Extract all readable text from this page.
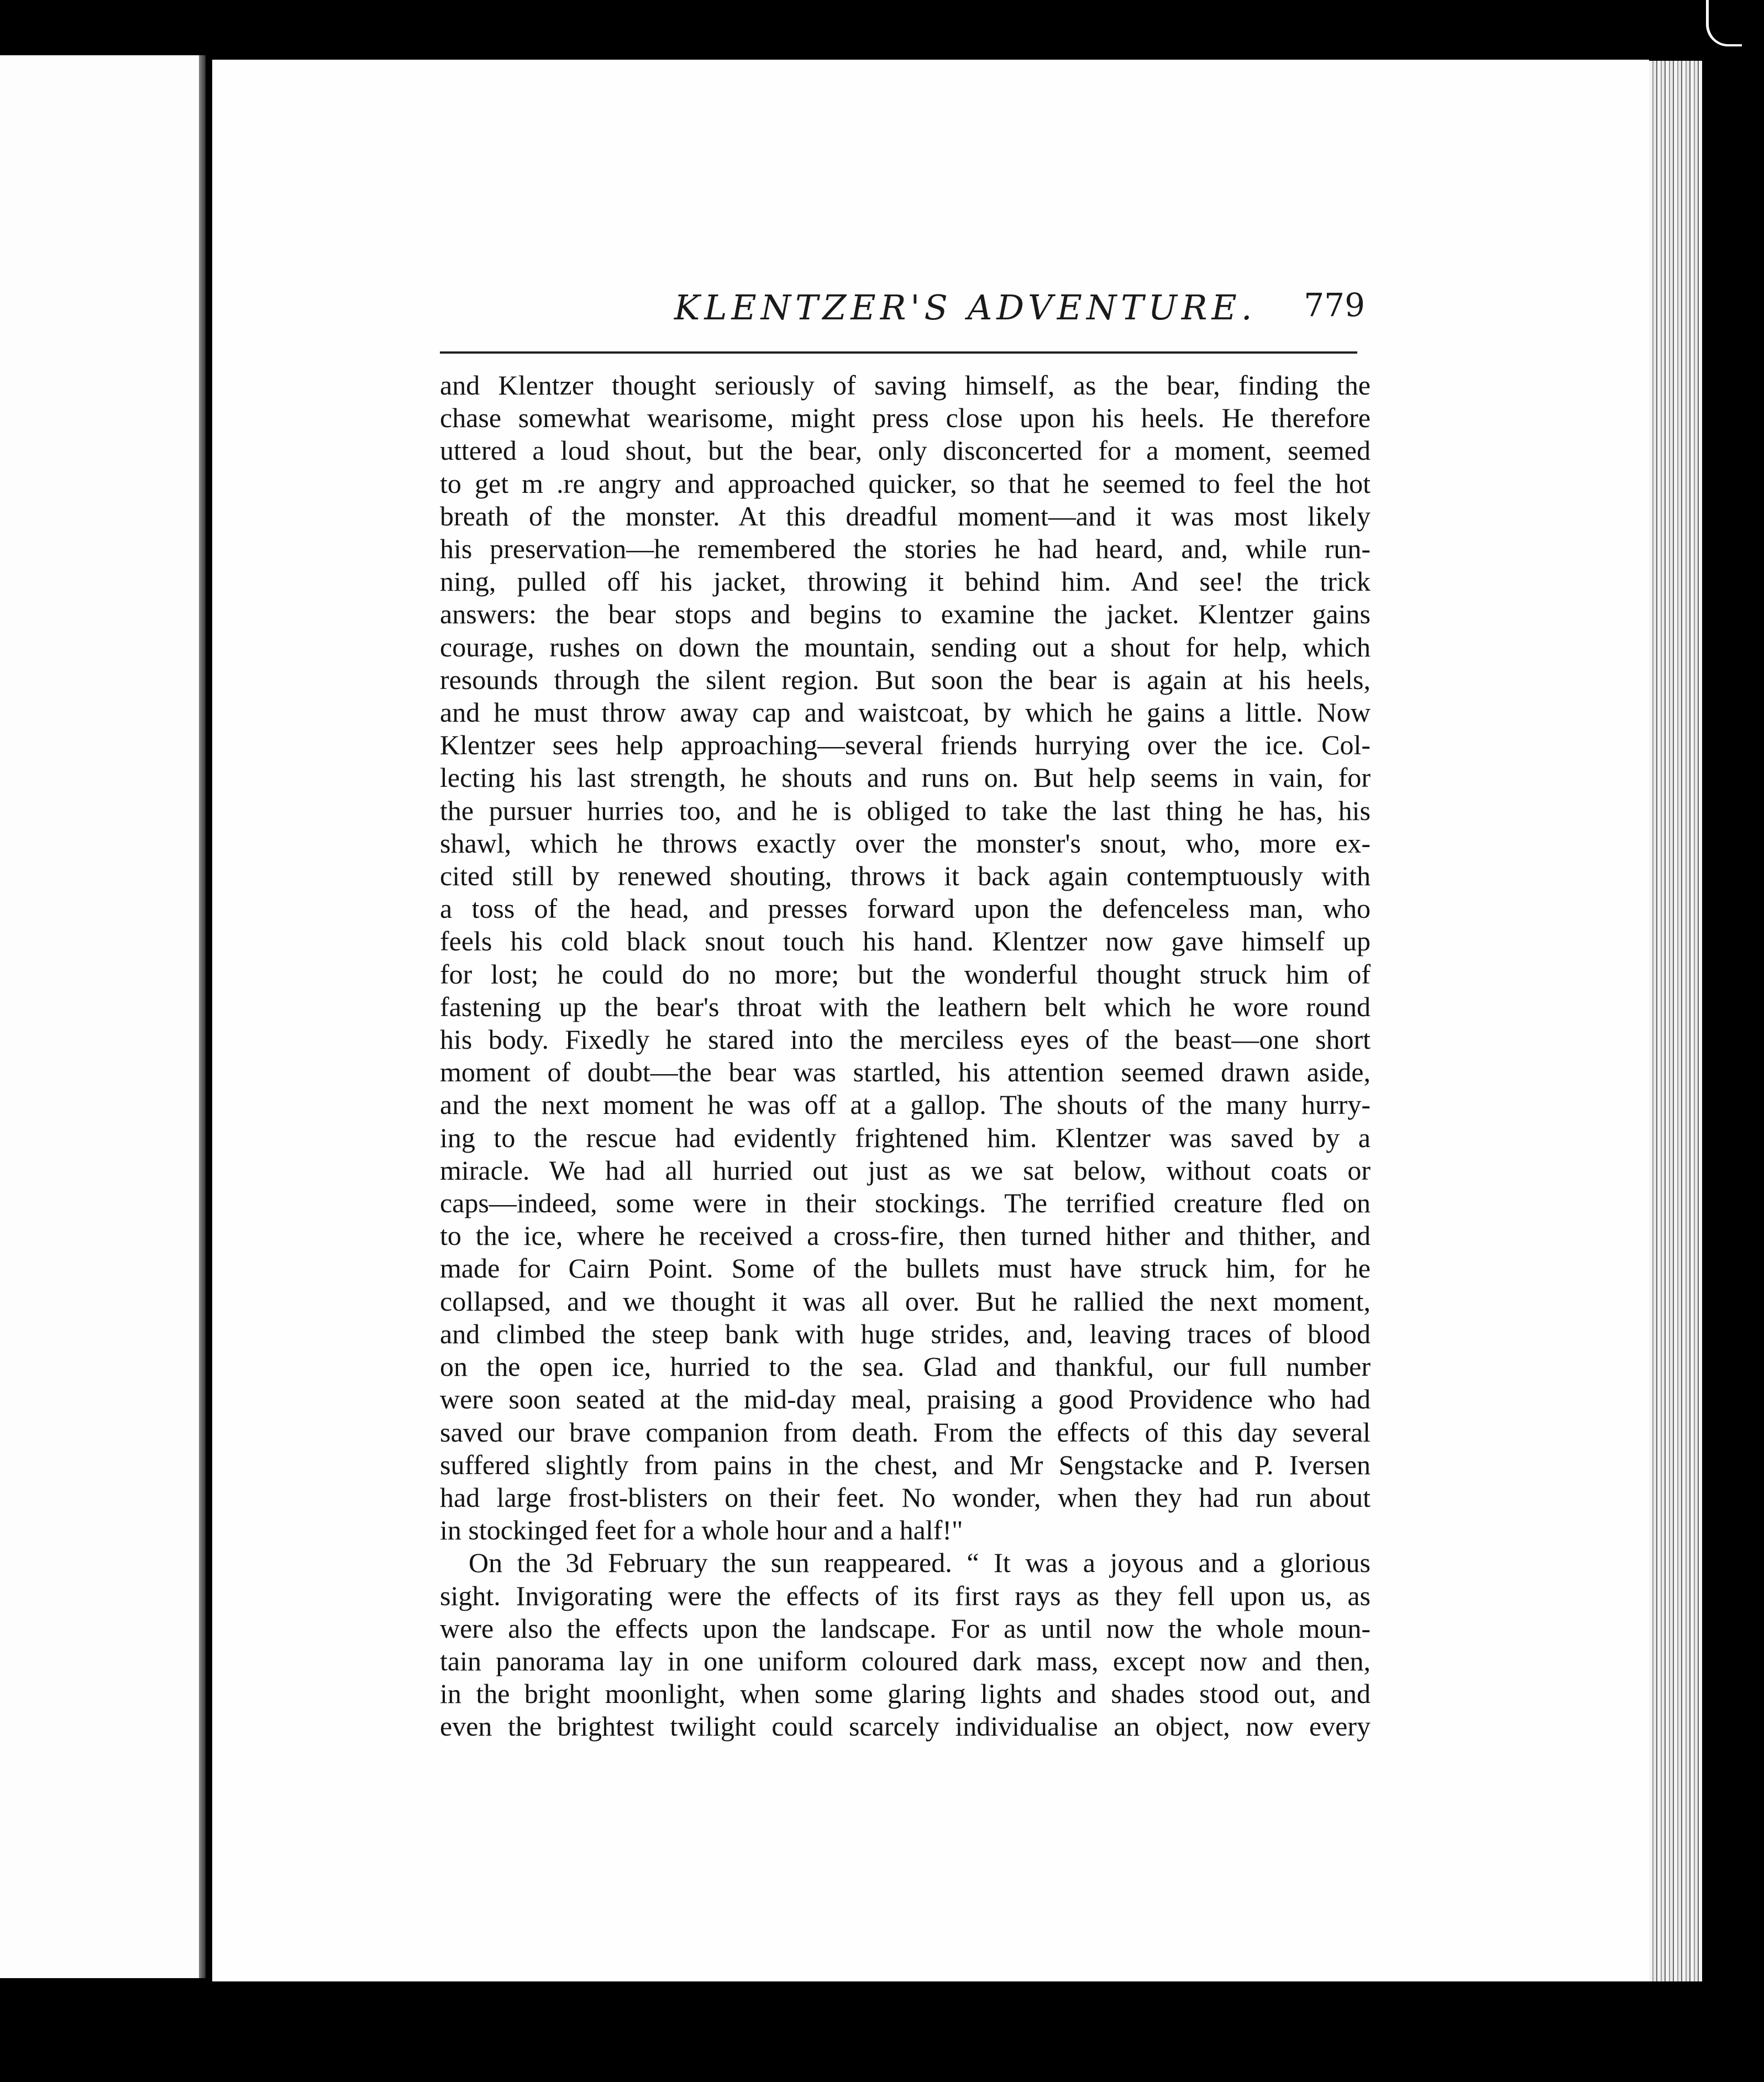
KLENTZER'S ADVENTURE. 779
and Klentzer thought seriously of saving himself, as the bear, finding the
chase somewhat wearisome, might press close upon his heels. He therefore
uttered a loud shout, but the bear, only disconcerted for a moment, seemed
to get m .re angry and approached quicker, so that he seemed to feel the hot
breath of the monster. At this dreadful moment—and it was most likely
his preservation—he remembered the stories he had heard, and, while run-
ning, pulled off his jacket, throwing it behind him. And see! the trick
answers: the bear stops and begins to examine the jacket. Klentzer gains
courage, rushes on down the mountain, sending out a shout for help, which
resounds through the silent region. But soon the bear is again at his heels,
and he must throw away cap and waistcoat, by which he gains a little. Now
Klentzer sees help approaching—several friends hurrying over the ice. Col-
lecting his last strength, he shouts and runs on. But help seems in vain, for
the pursuer hurries too, and he is obliged to take the last thing he has, his
shawl, which he throws exactly over the monster's snout, who, more ex-
cited still by renewed shouting, throws it back again contemptuously with
a toss of the head, and presses forward upon the defenceless man, who
feels his cold black snout touch his hand. Klentzer now gave himself up
for lost; he could do no more; but the wonderful thought struck him of
fastening up the bear's throat with the leathern belt which he wore round
his body. Fixedly he stared into the merciless eyes of the beast—one short
moment of doubt—the bear was startled, his attention seemed drawn aside,
and the next moment he was off at a gallop. The shouts of the many hurry-
ing to the rescue had evidently frightened him. Klentzer was saved by a
miracle. We had all hurried out just as we sat below, without coats or
caps—indeed, some were in their stockings. The terrified creature fled on
to the ice, where he received a cross-fire, then turned hither and thither, and
made for Cairn Point. Some of the bullets must have struck him, for he
collapsed, and we thought it was all over. But he rallied the next moment,
and climbed the steep bank with huge strides, and, leaving traces of blood
on the open ice, hurried to the sea. Glad and thankful, our full number
were soon seated at the mid-day meal, praising a good Providence who had
saved our brave companion from death. From the effects of this day several
suffered slightly from pains in the chest, and Mr Sengstacke and P. Iversen
had large frost-blisters on their feet. No wonder, when they had run about
in stockinged feet for a whole hour and a half!"
On the 3d February the sun reappeared. “ It was a joyous and a glorious
sight. Invigorating were the effects of its first rays as they fell upon us, as
were also the effects upon the landscape. For as until now the whole moun-
tain panorama lay in one uniform coloured dark mass, except now and then,
in the bright moonlight, when some glaring lights and shades stood out, and
even the brightest twilight could scarcely individualise an object, now every
